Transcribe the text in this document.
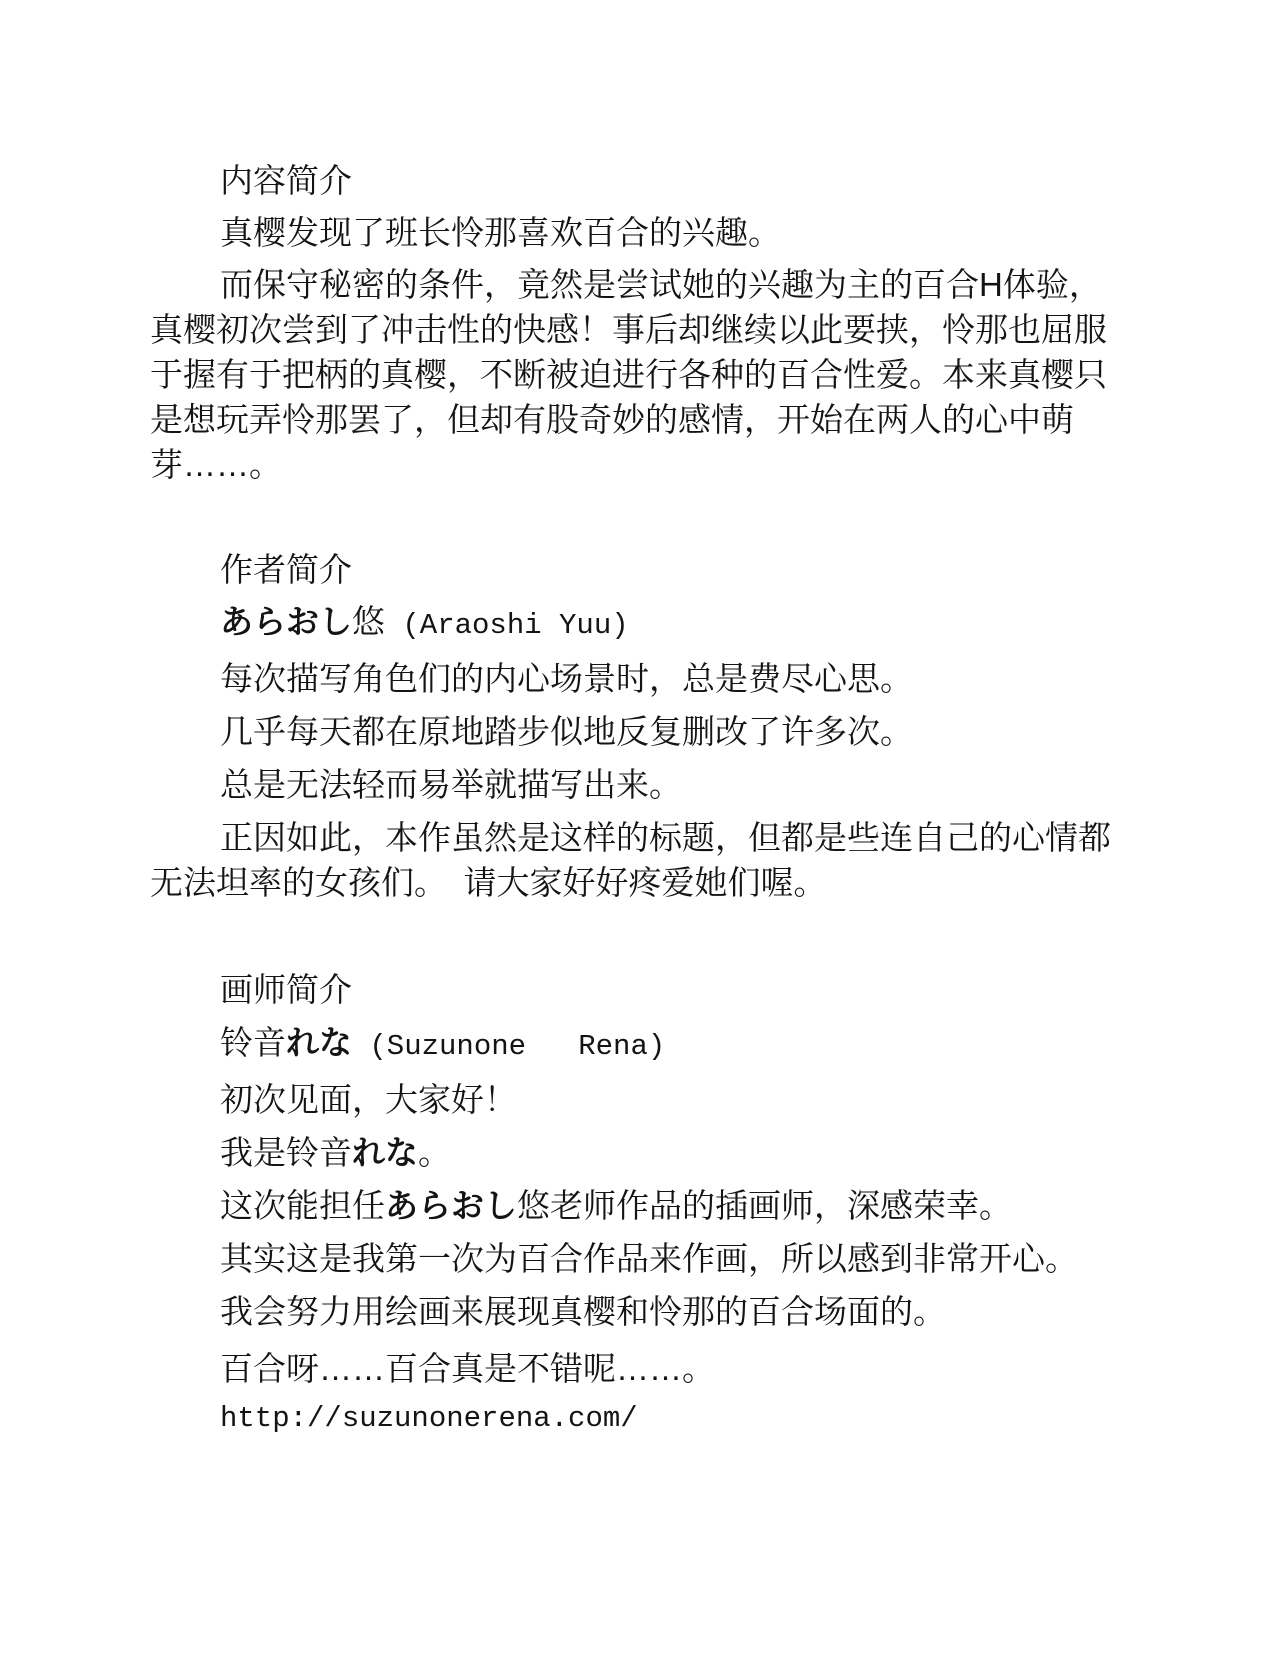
内容简介
真樱发现了班长怜那喜欢百合的兴趣。
而保守秘密的条件，竟然是尝试她的兴趣为主的百合H体验，
真樱初次尝到了冲击性的快感！事后却继续以此要挟，怜那也屈服
于握有于把柄的真樱，不断被迫进行各种的百合性爱。本来真樱只
是想玩弄怜那罢了，但却有股奇妙的感情，开始在两人的心中萌
芽……。
作者简介
あらおし悠 (Araoshi Yuu)
每次描写角色们的内心场景时，总是费尽心思。
几乎每天都在原地踏步似地反复删改了许多次。
总是无法轻而易举就描写出来。
正因如此，本作虽然是这样的标题，但都是些连自己的心情都
无法坦率的女孩们。　请大家好好疼爱她们喔。
画师简介
铃音れな (Suzunone   Rena)
初次见面，大家好！
我是铃音れな。
这次能担任あらおし悠老师作品的插画师，深感荣幸。
其实这是我第一次为百合作品来作画，所以感到非常开心。
我会努力用绘画来展现真樱和怜那的百合场面的。
百合呀……百合真是不错呢……。
http://suzunonerena.com/
